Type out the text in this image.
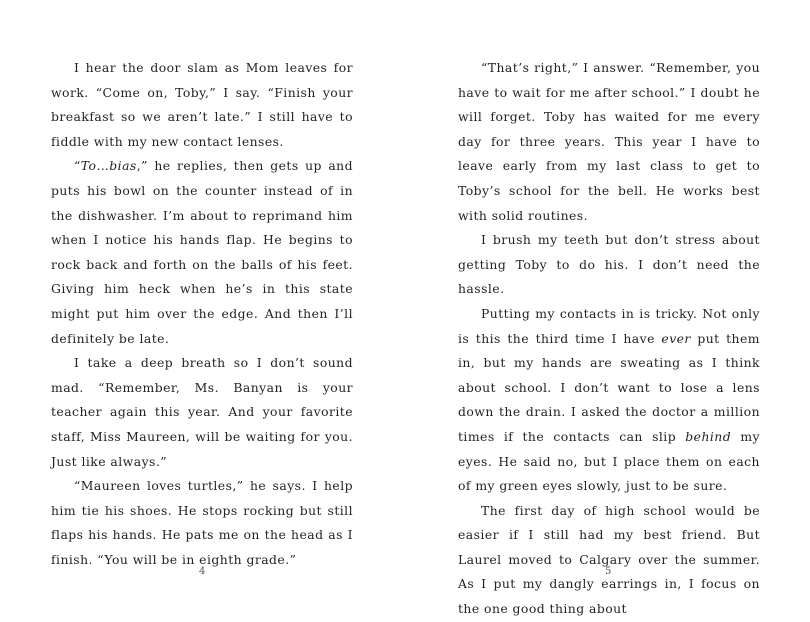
I hear the door slam as Mom leaves for work. “Come on, Toby,” I say. “Finish your breakfast so we aren’t late.” I still have to fiddle with my new contact lenses.

“To…bias,” he replies, then gets up and puts his bowl on the counter instead of in the dishwasher. I’m about to reprimand him when I notice his hands flap. He begins to rock back and forth on the balls of his feet. Giving him heck when he’s in this state might put him over the edge. And then I’ll definitely be late.

I take a deep breath so I don’t sound mad. “Remember, Ms. Banyan is your teacher again this year. And your favorite staff, Miss Maureen, will be waiting for you. Just like always.”

“Maureen loves turtles,” he says. I help him tie his shoes. He stops rocking but still flaps his hands. He pats me on the head as I finish. “You will be in eighth grade.”

4

“That’s right,” I answer. “Remember, you have to wait for me after school.” I doubt he will forget. Toby has waited for me every day for three years. This year I have to leave early from my last class to get to Toby’s school for the bell. He works best with solid routines.

I brush my teeth but don’t stress about getting Toby to do his. I don’t need the hassle.

Putting my contacts in is tricky. Not only is this the third time I have ever put them in, but my hands are sweating as I think about school. I don’t want to lose a lens down the drain. I asked the doctor a million times if the contacts can slip behind my eyes. He said no, but I place them on each of my green eyes slowly, just to be sure.

The first day of high school would be easier if I still had my best friend. But Laurel moved to Calgary over the summer. As I put my dangly earrings in, I focus on the one good thing about

5
